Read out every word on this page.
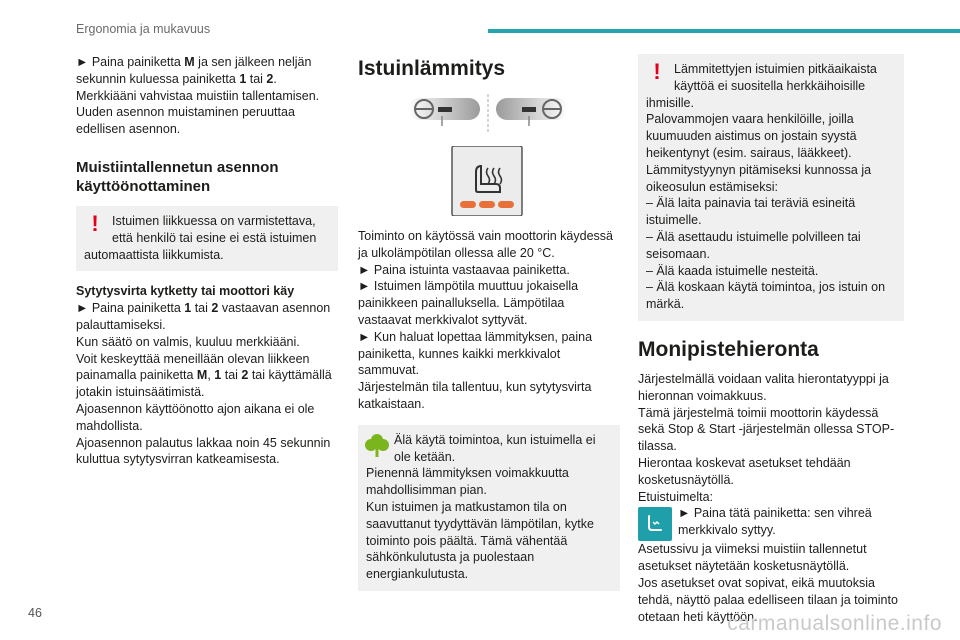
Ergonomia ja mukavuus

► Paina painiketta M ja sen jälkeen neljän sekunnin kuluessa painiketta 1 tai 2.

Merkkiääni vahvistaa muistiin tallentamisen.

Uuden asennon muistaminen peruuttaa edellisen asennon.

Muistiintallennetun asennon käyttöönottaminen
!	Istuimen liikkuessa on varmistettava, että henkilö tai esine ei estä istuimen automaattista liikkumista.

Sytytysvirta kytketty tai moottori käy

► Paina painiketta 1 tai 2 vastaavan asennon palauttamiseksi.

Kun säätö on valmis, kuuluu merkkiääni.

Voit keskeyttää meneillään olevan liikkeen painamalla painiketta M, 1 tai 2 tai käyttämällä jotakin istuinsäätimistä.

Ajoasennon käyttöönotto ajon aikana ei ole mahdollista.

Ajoasennon palautus lakkaa noin 45 sekunnin kuluttua sytytysvirran katkeamisesta.

Istuinlämmitys

Toiminto on käytössä vain moottorin käydessä ja ulkolämpötilan ollessa alle 20 °C.

► Paina istuinta vastaavaa painiketta.

► Istuimen lämpötila muuttuu jokaisella painikkeen painalluksella. Lämpötilaa vastaavat merkkivalot syttyvät.

► Kun haluat lopettaa lämmityksen, paina painiketta, kunnes kaikki merkkivalot sammuvat.

Järjestelmän tila tallentuu, kun sytytysvirta katkaistaan.

Älä käytä toimintoa, kun istuimella ei ole ketään.

Pienennä lämmityksen voimakkuutta mahdollisimman pian.

Kun istuimen ja matkustamon tila on saavuttanut tyydyttävän lämpötilan, kytke toiminto pois päältä. Tämä vähentää sähkönkulutusta ja puolestaan energiankulutusta.

!	Lämmitettyjen istuimien pitkäaikaista käyttöä ei suositella herkkäihoisille ihmisille.

Palovammojen vaara henkilöille, joilla kuumuuden aistimus on jostain syystä heikentynyt (esim. sairaus, lääkkeet).

Lämmitystyynyn pitämiseksi kunnossa ja oikeosulun estämiseksi:

– Älä laita painavia tai teräviä esineitä istuimelle.

– Älä asettaudu istuimelle polvilleen tai seisomaan.

– Älä kaada istuimelle nesteitä.

– Älä koskaan käytä toimintoa, jos istuin on märkä.

Monipistehieronta

Järjestelmällä voidaan valita hierontatyyppi ja hieronnan voimakkuus.

Tämä järjestelmä toimii moottorin käydessä sekä Stop & Start -järjestelmän ollessa STOP-tilassa.

Hierontaa koskevat asetukset tehdään kosketusnäytöllä.

Etuistuimelta:

► Paina tätä painiketta: sen vihreä merkkivalo syttyy.

Asetussivu ja viimeksi muistiin tallennetut asetukset näytetään kosketusnäytöllä.

Jos asetukset ovat sopivat, eikä muutoksia tehdä, näyttö palaa edelliseen tilaan ja toiminto otetaan heti käyttöön.

46	carmanualsonline.info
